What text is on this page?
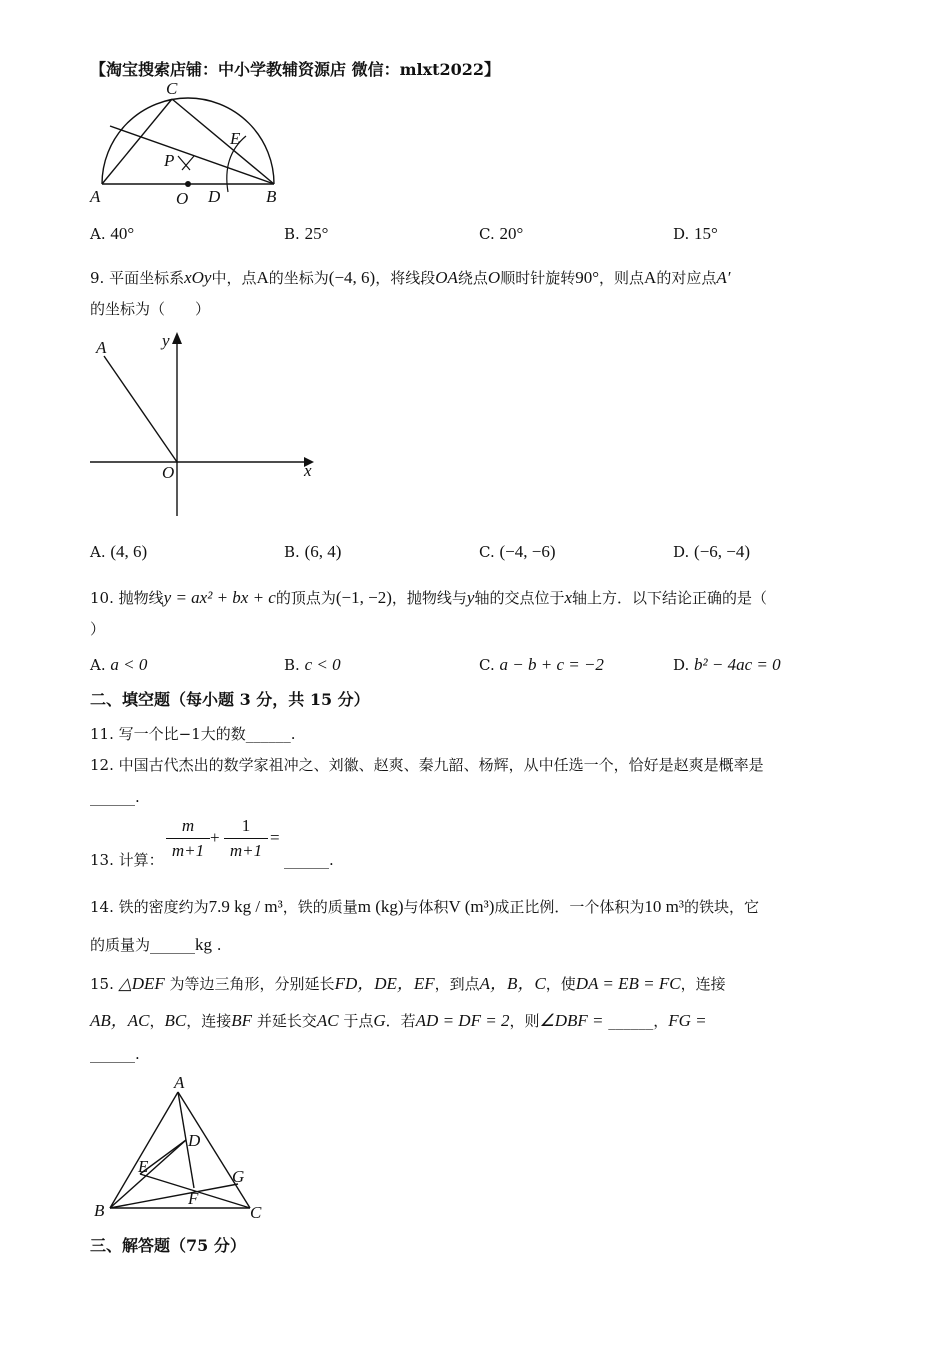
【淘宝搜索店铺：中小学教辅资源店 微信：mlxt2022】
C
E
P
A	O D	B
A. 40°	B. 25°	C. 20°	D. 15°
9. 平面坐标系xOy中，点A的坐标为(−4, 6)，将线段OA绕点O顺时针旋转90°，则点A的对应点A′
的坐标为（　　）
A	y
O	x
A. (4, 6)	B. (6, 4)	C. (−4, −6)	D. (−6, −4)
10. 抛物线y = ax² + bx + c的顶点为(−1, −2)，抛物线与y轴的交点位于x轴上方．以下结论正确的是（
）
A. a < 0	B. c < 0	C. a − b + c = −2	D. b² − 4ac = 0
二、填空题（每小题 3 分，共 15 分）
11. 写一个比−1大的数______.
12. 中国古代杰出的数学家祖冲之、刘徽、赵爽、秦九韶、杨辉，从中任选一个，恰好是赵爽是概率是
______.
13. 计算：
m
m+1
+
1
m+1
=
______.
14. 铁的密度约为7.9 kg / m³，铁的质量m (kg)与体积V (m³)成正比例．一个体积为10 m³的铁块，它
的质量为______kg .
15. △DEF 为等边三角形，分别延长FD，DE，EF，到点A，B，C，使DA = EB = FC，连接
AB，AC，BC，连接BF 并延长交AC 于点G．若AD = DF = 2，则∠DBF = ______，FG =
______.
A
D
E
G
F
B	C
三、解答题（75 分）
